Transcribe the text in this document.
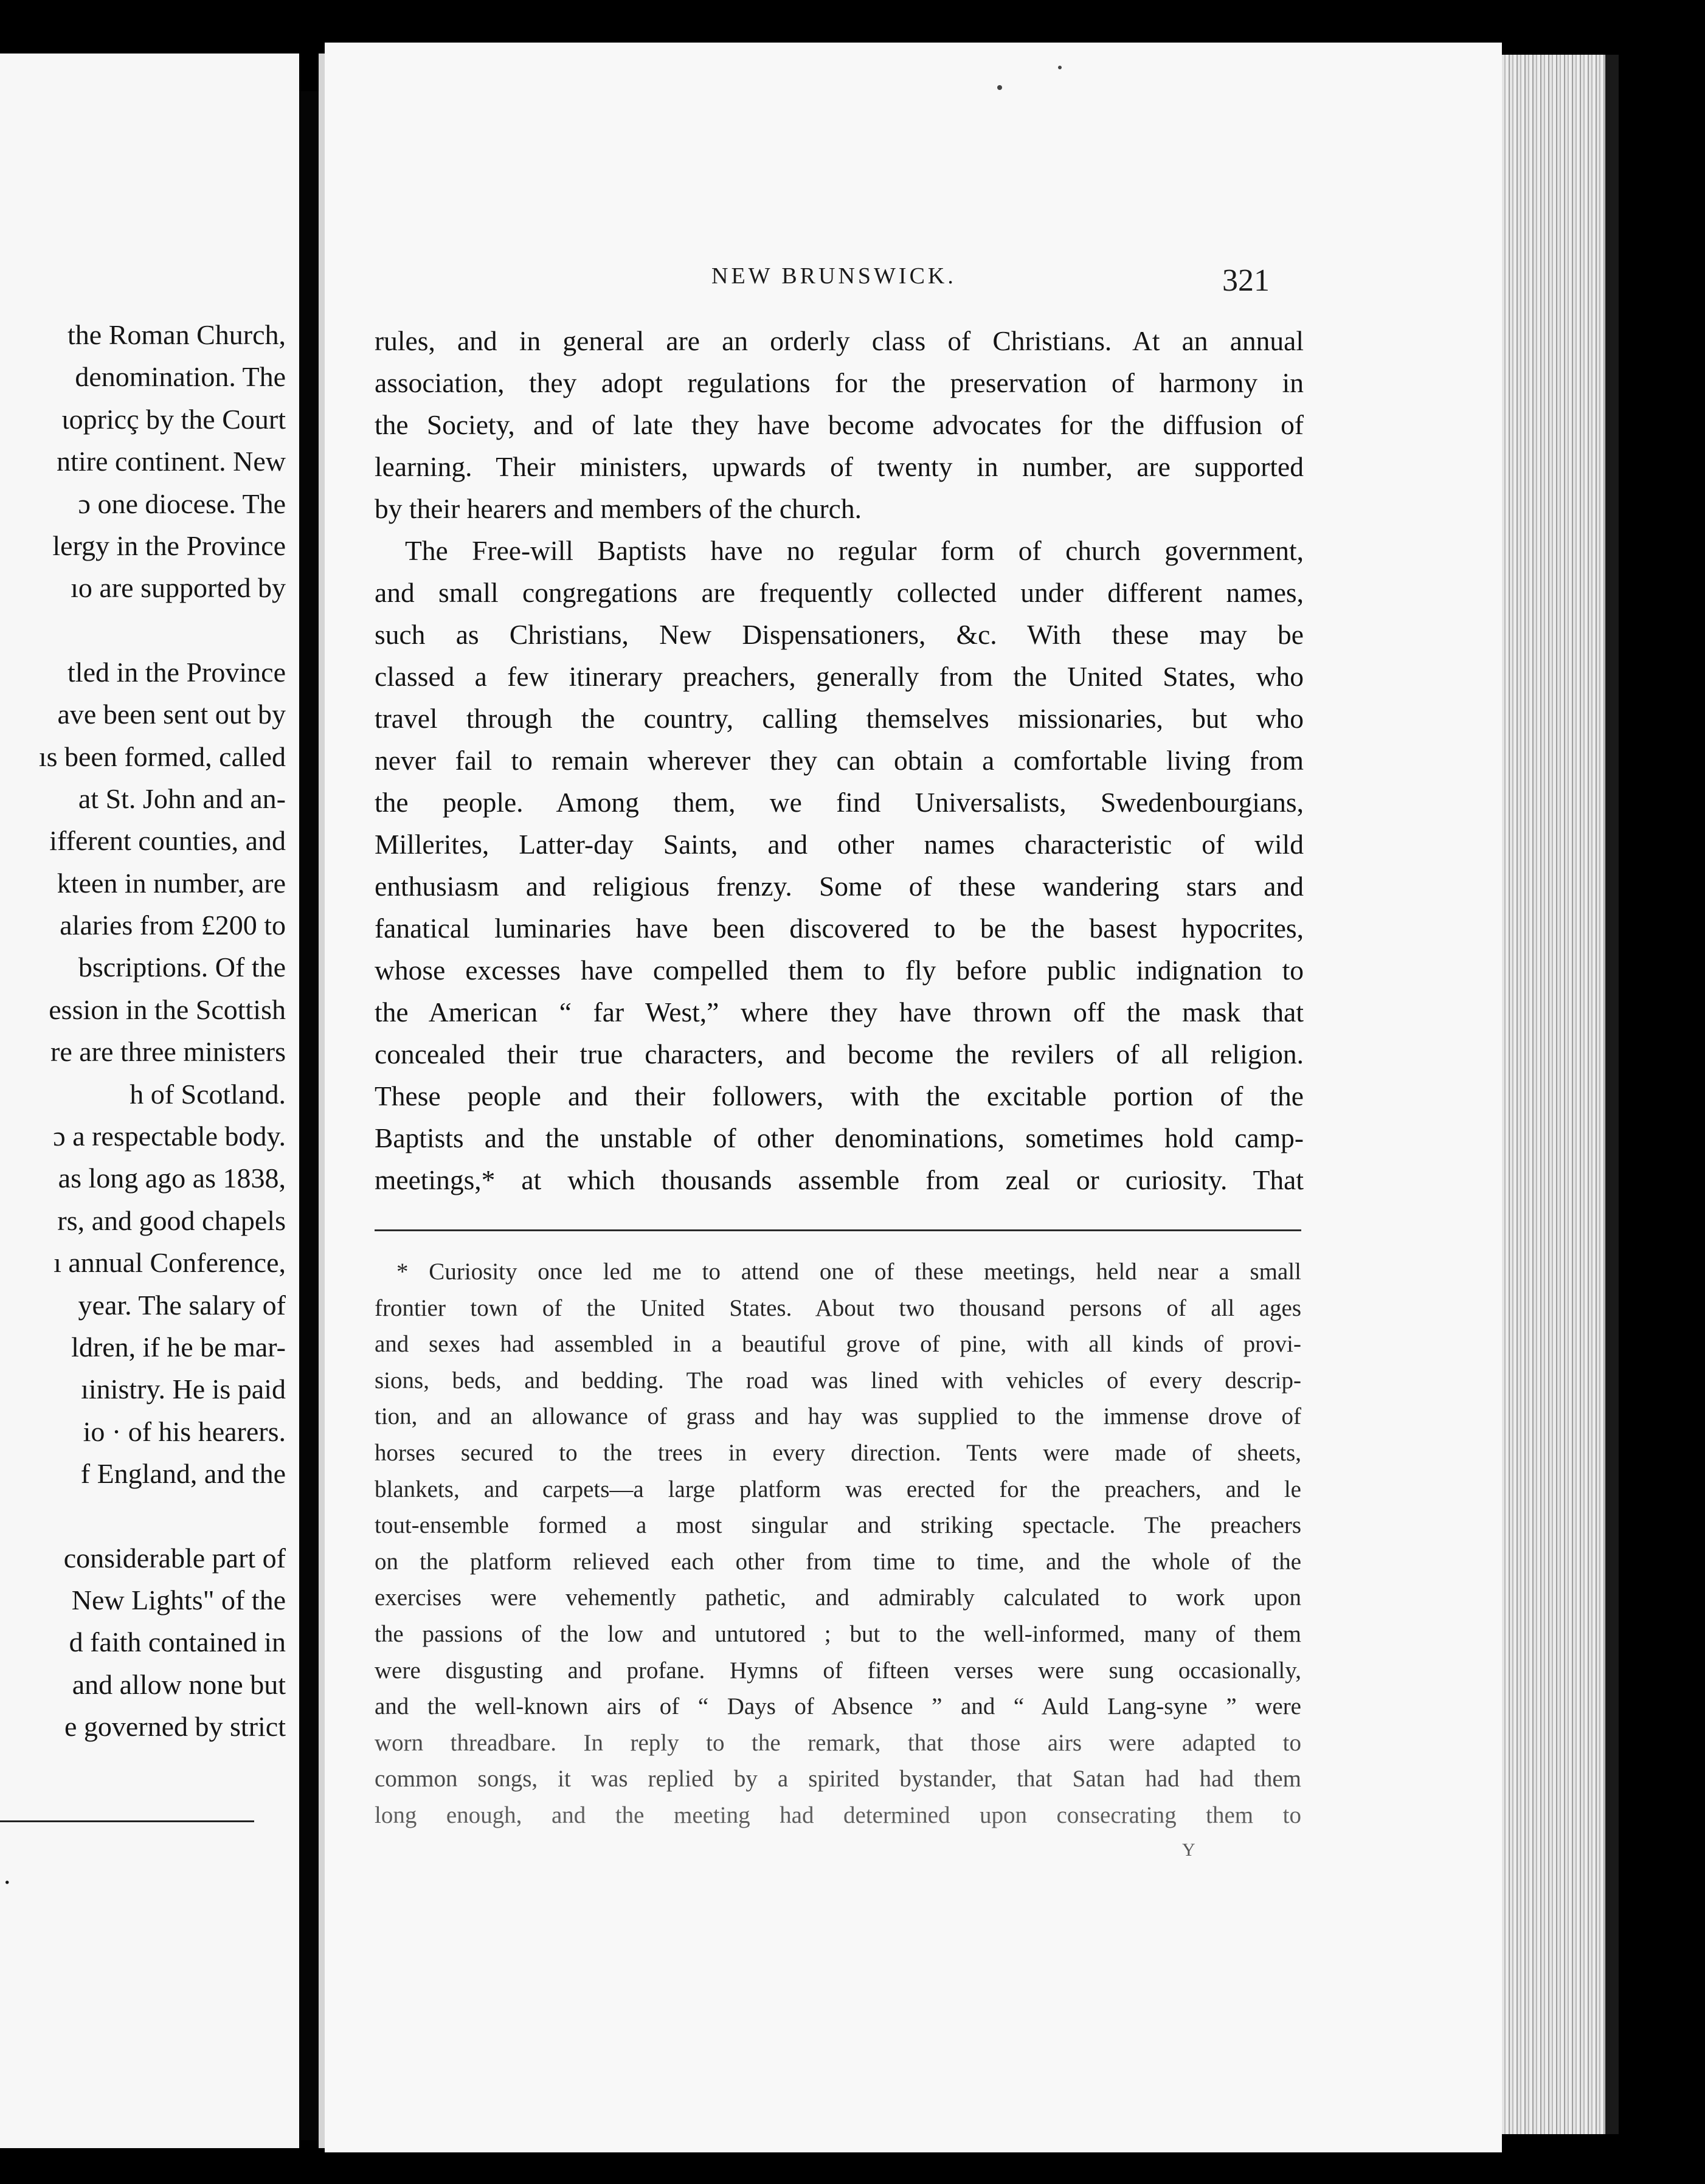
the Roman Church,
denomination. The
ɩopricç by the Court
ntire continent. New
ɔ one diocese. The
lergy in the Province
ıo are supported by
tled in the Province
ave been sent out by
ıs been formed, called
at St. John and an-
ifferent counties, and
kteen in number, are
alaries from £200 to
bscriptions. Of the
ession in the Scottish
re are three ministers
h of Scotland.
ɔ a respectable body.
as long ago as 1838,
rs, and good chapels
ı annual Conference,
year. The salary of
ldren, if he be mar-
ıinistry. He is paid
io · of his hearers.
f England, and the
considerable part of
New Lights" of the
d faith contained in
and allow none but
e governed by strict
.
NEW BRUNSWICK.	321
rules, and in general are an orderly class of Christians. At an annual
association, they adopt regulations for the preservation of harmony in
the Society, and of late they have become advocates for the diffusion of
learning. Their ministers, upwards of twenty in number, are supported
by their hearers and members of the church.
The Free-will Baptists have no regular form of church government,
and small congregations are frequently collected under different names,
such as Christians, New Dispensationers, &c. With these may be
classed a few itinerary preachers, generally from the United States, who
travel through the country, calling themselves missionaries, but who
never fail to remain wherever they can obtain a comfortable living from
the people. Among them, we find Universalists, Swedenbourgians,
Millerites, Latter-day Saints, and other names characteristic of wild
enthusiasm and religious frenzy. Some of these wandering stars and
fanatical luminaries have been discovered to be the basest hypocrites,
whose excesses have compelled them to fly before public indignation to
the American “ far West,” where they have thrown off the mask that
concealed their true characters, and become the revilers of all religion.
These people and their followers, with the excitable portion of the
Baptists and the unstable of other denominations, sometimes hold camp-
meetings,* at which thousands assemble from zeal or curiosity. That
* Curiosity once led me to attend one of these meetings, held near a small
frontier town of the United States. About two thousand persons of all ages
and sexes had assembled in a beautiful grove of pine, with all kinds of provi-
sions, beds, and bedding. The road was lined with vehicles of every descrip-
tion, and an allowance of grass and hay was supplied to the immense drove of
horses secured to the trees in every direction. Tents were made of sheets,
blankets, and carpets—a large platform was erected for the preachers, and le
tout-ensemble formed a most singular and striking spectacle. The preachers
on the platform relieved each other from time to time, and the whole of the
exercises were vehemently pathetic, and admirably calculated to work upon
the passions of the low and untutored ; but to the well-informed, many of them
were disgusting and profane. Hymns of fifteen verses were sung occasionally,
and the well-known airs of “ Days of Absence ” and “ Auld Lang-syne ” were
worn threadbare. In reply to the remark, that those airs were adapted to
common songs, it was replied by a spirited bystander, that Satan had had them
long enough, and the meeting had determined upon consecrating them to
Y
